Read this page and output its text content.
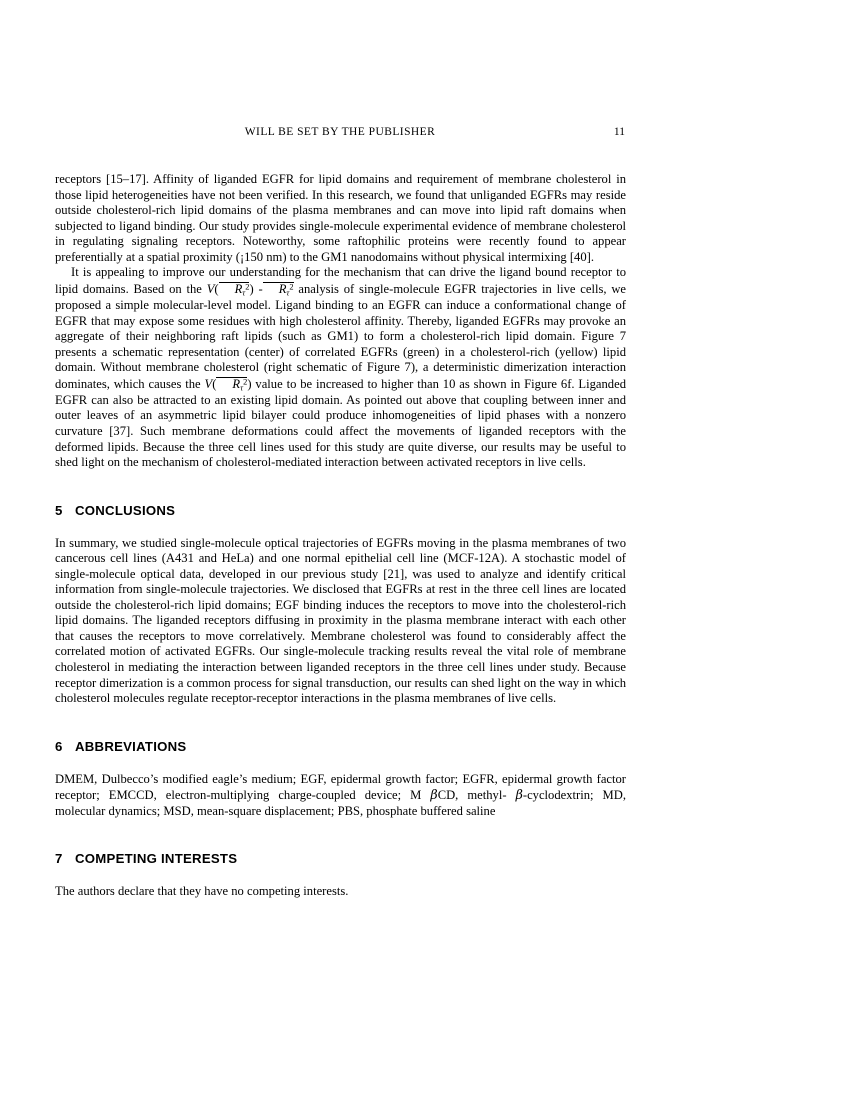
WILL BE SET BY THE PUBLISHER	11

receptors [15–17]. Affinity of liganded EGFR for lipid domains and requirement of membrane cholesterol in those lipid heterogeneities have not been verified. In this research, we found that unliganded EGFRs may reside outside cholesterol-rich lipid domains of the plasma membranes and can move into lipid raft domains when subjected to ligand binding. Our study provides single-molecule experimental evidence of membrane cholesterol in regulating signaling receptors. Noteworthy, some raftophilic proteins were recently found to appear preferentially at a spatial proximity (¡150 nm) to the GM1 nanodomains without physical intermixing [40].

It is appealing to improve our understanding for the mechanism that can drive the ligand bound receptor to lipid domains. Based on the V( $R_\tau^2) - R_\tau^2$ analysis of single-molecule EGFR trajectories in live cells, we proposed a simple molecular-level model. Ligand binding to an EGFR can induce a conformational change of EGFR that may expose some residues with high cholesterol affinity. Thereby, liganded EGFRs may provoke an aggregate of their neighboring raft lipids (such as GM1) to form a cholesterol-rich lipid domain. Figure 7 presents a schematic representation (center) of correlated EGFRs (green) in a cholesterol-rich (yellow) lipid domain. Without membrane cholesterol (right schematic of Figure 7), a deterministic dimerization interaction dominates, which causes the V( $R_\tau^2$) value to be increased to higher than 10 as shown in Figure 6f. Liganded EGFR can also be attracted to an existing lipid domain. As pointed out above that coupling between inner and outer leaves of an asymmetric lipid bilayer could produce inhomogeneities of lipid phases with a nonzero curvature [37]. Such membrane deformations could affect the movements of liganded receptors with the deformed lipids. Because the three cell lines used for this study are quite diverse, our results may be useful to shed light on the mechanism of cholesterol-mediated interaction between activated receptors in live cells.

5 CONCLUSIONS

In summary, we studied single-molecule optical trajectories of EGFRs moving in the plasma membranes of two cancerous cell lines (A431 and HeLa) and one normal epithelial cell line (MCF-12A). A stochastic model of single-molecule optical data, developed in our previous study [21], was used to analyze and identify critical information from single-molecule trajectories. We disclosed that EGFRs at rest in the three cell lines are located outside the cholesterol-rich lipid domains; EGF binding induces the receptors to move into the cholesterol-rich lipid domains. The liganded receptors diffusing in proximity in the plasma membrane interact with each other that causes the receptors to move correlatively. Membrane cholesterol was found to considerably affect the correlated motion of activated EGFRs. Our single-molecule tracking results reveal the vital role of membrane cholesterol in mediating the interaction between liganded receptors in the three cell lines under study. Because receptor dimerization is a common process for signal transduction, our results can shed light on the way in which cholesterol molecules regulate receptor-receptor interactions in the plasma membranes of live cells.

6 ABBREVIATIONS

DMEM, Dulbecco’s modified eagle’s medium; EGF, epidermal growth factor; EGFR, epidermal growth factor receptor; EMCCD, electron-multiplying charge-coupled device; M βCD, methyl- β-cyclodextrin; MD, molecular dynamics; MSD, mean-square displacement; PBS, phosphate buffered saline

7 COMPETING INTERESTS

The authors declare that they have no competing interests.
